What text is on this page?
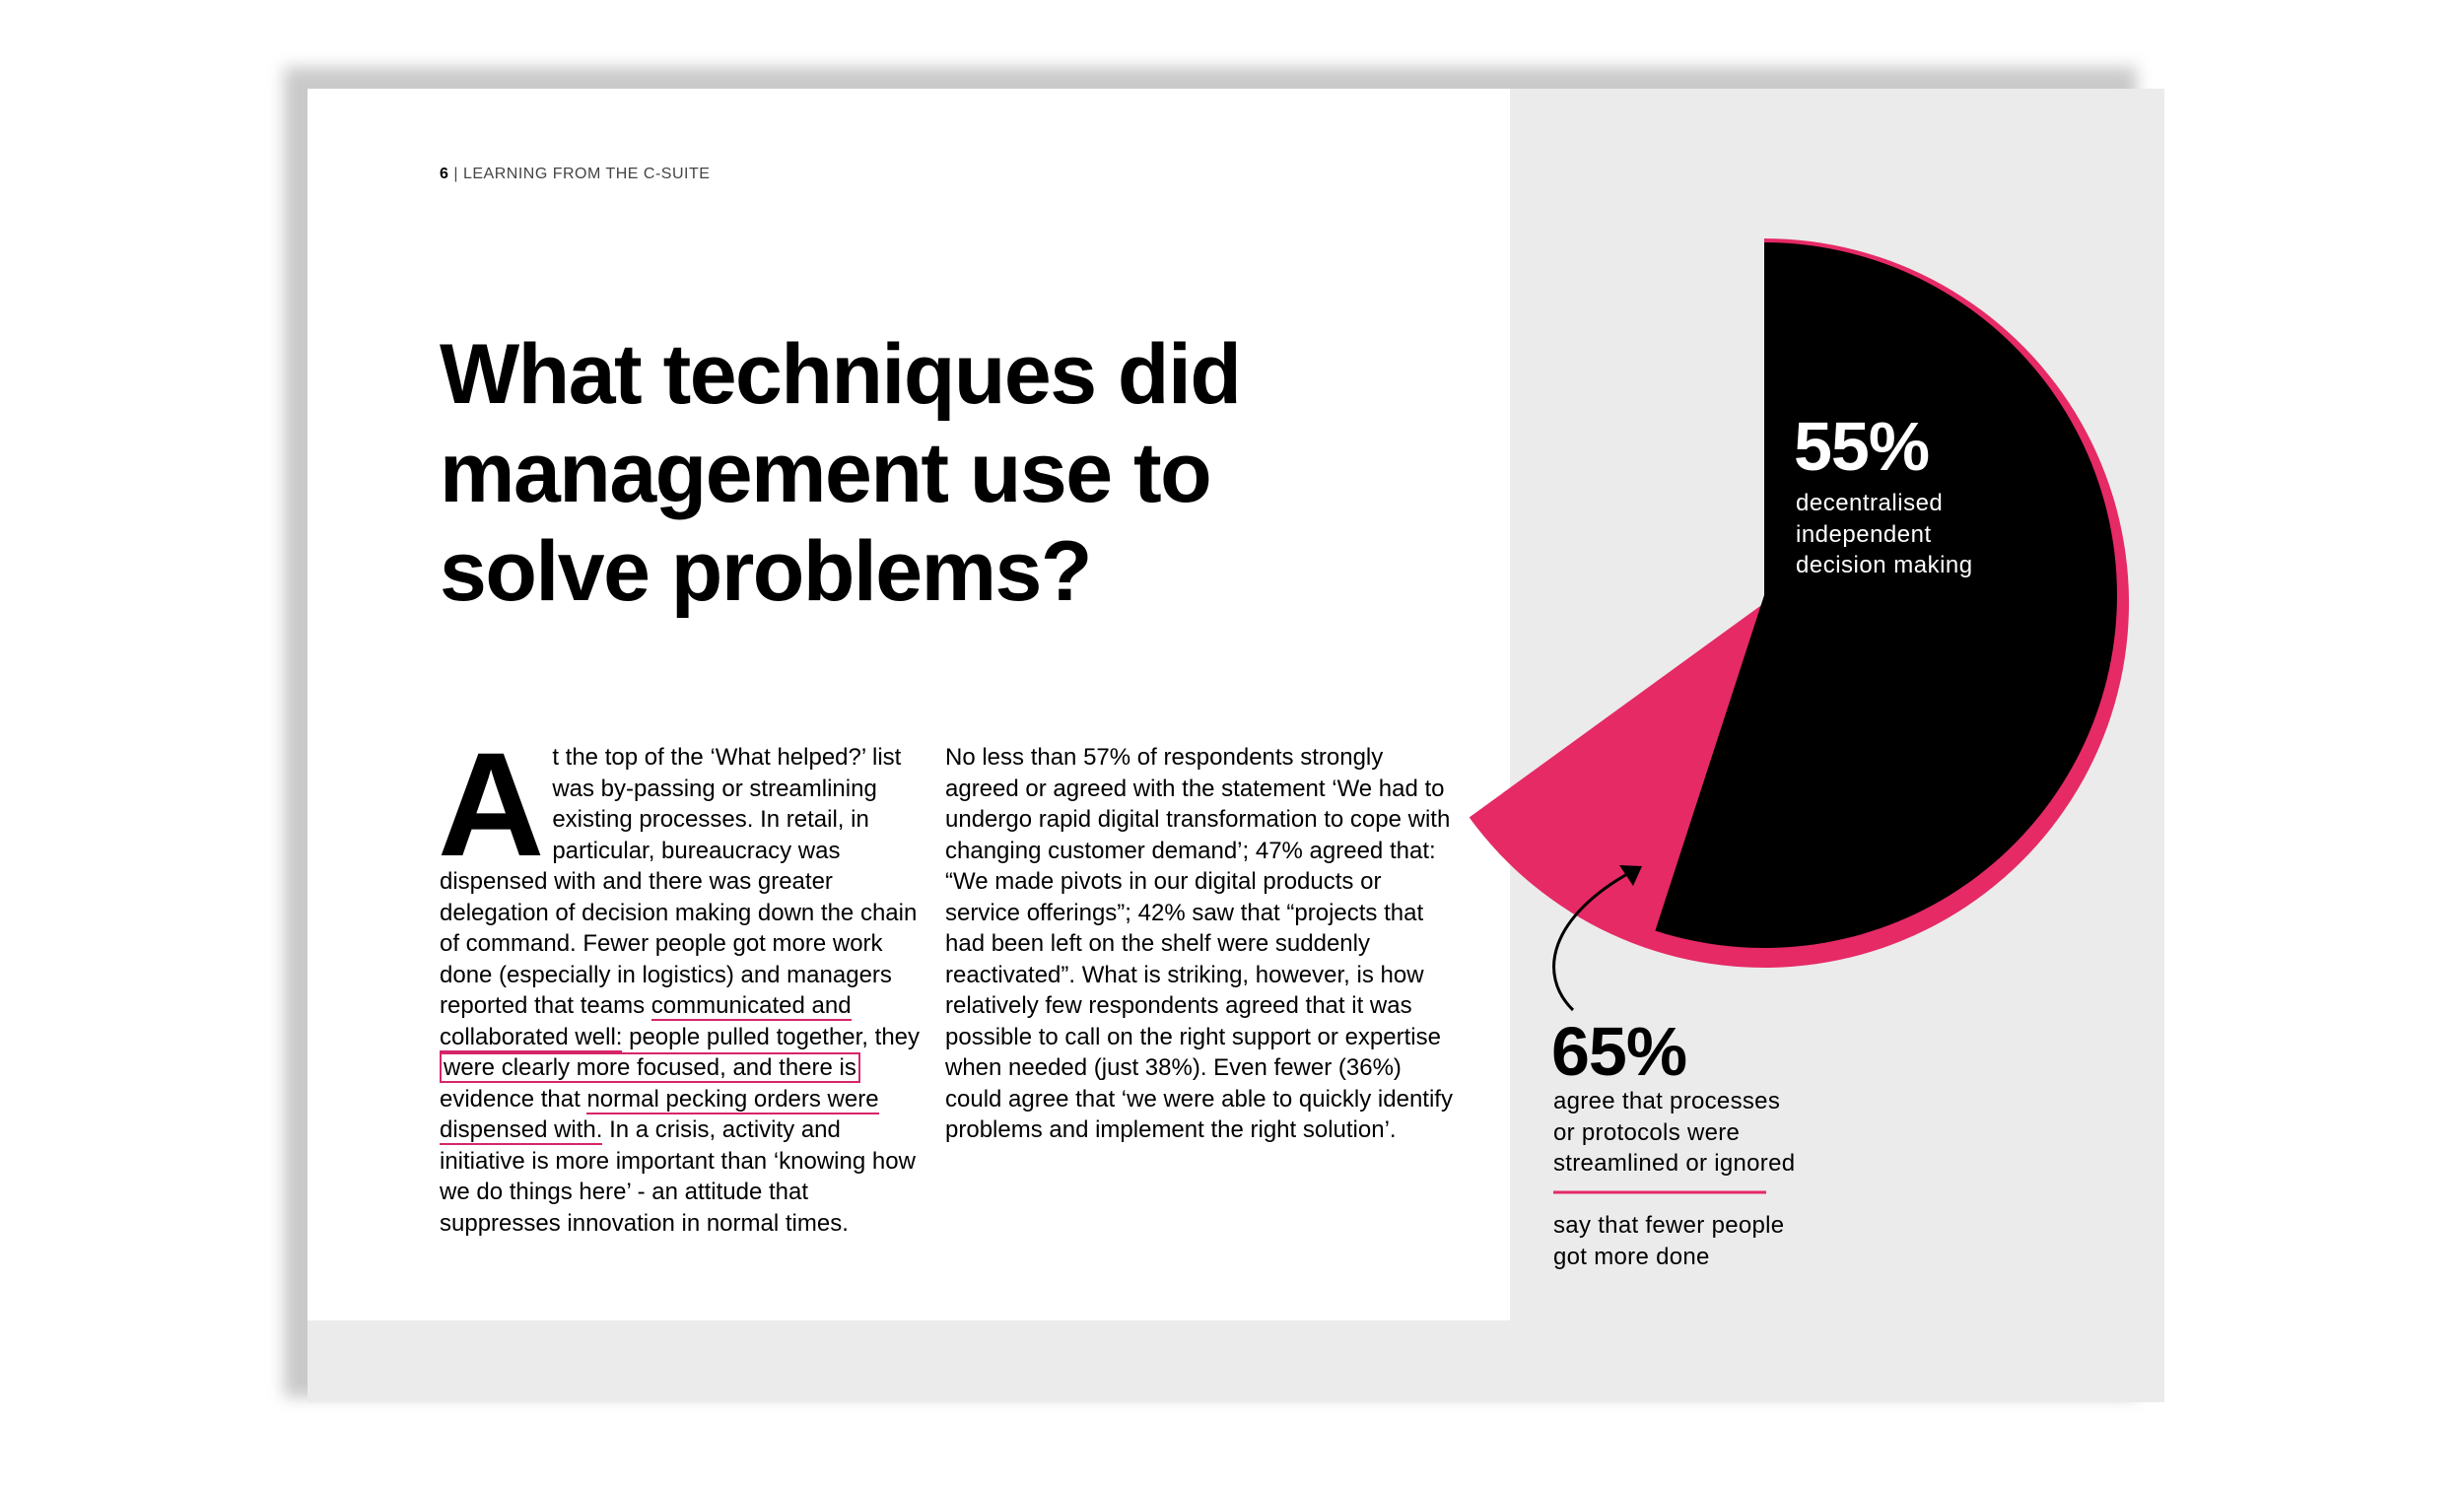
6 | LEARNING FROM THE C-SUITE
What techniques did management use to solve problems?

At the top of the ‘What helped?’ list was by-passing or streamlining existing processes. In retail, in particular, bureaucracy was dispensed with and there was greater delegation of decision making down the chain of command. Fewer people got more work done (especially in logistics) and managers reported that teams communicated and collaborated well: people pulled together, they were clearly more focused, and there is evidence that normal pecking orders were dispensed with. In a crisis, activity and initiative is more important than ‘knowing how we do things here’ - an attitude that suppresses innovation in normal times.

No less than 57% of respondents strongly agreed or agreed with the statement ‘We had to undergo rapid digital transformation to cope with changing customer demand’; 47% agreed that: “We made pivots in our digital products or service offerings”; 42% saw that “projects that had been left on the shelf were suddenly reactivated”. What is striking, however, is how relatively few respondents agreed that it was possible to call on the right support or expertise when needed (just 38%). Even fewer (36%) could agree that ‘we were able to quickly identify problems and implement the right solution’.

55%
decentralised
independent
decision making
65%
agree that processes
or protocols were
streamlined or ignored
say that fewer people
got more done
